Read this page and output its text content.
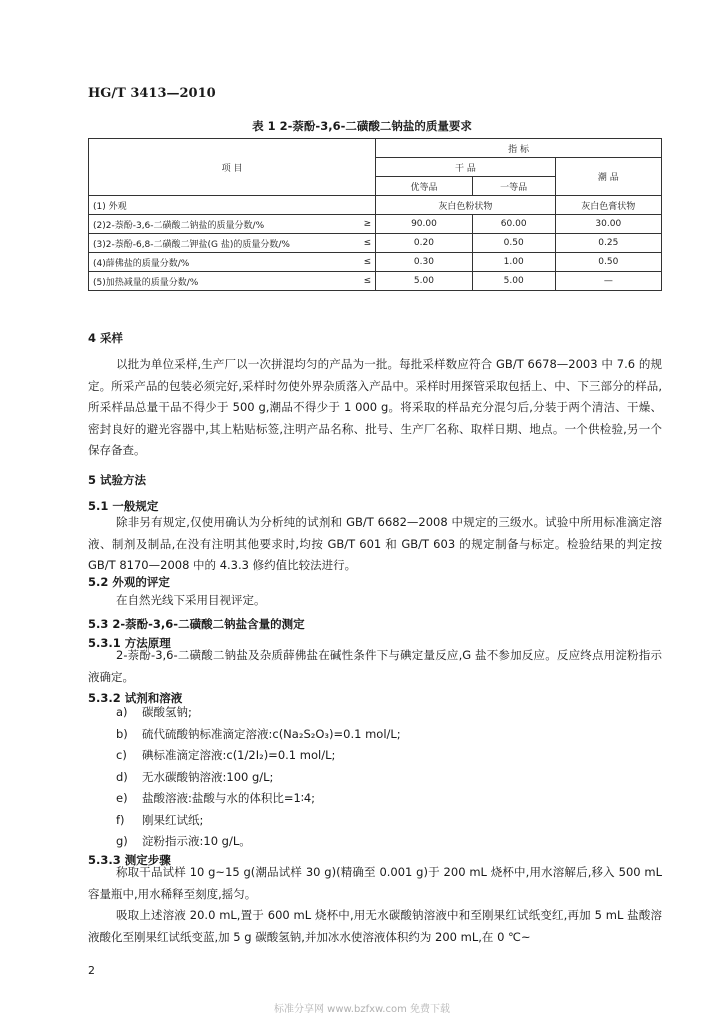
HG/T 3413—2010
表 1 2-萘酚-3,6-二磺酸二钠盐的质量要求
项 目		指 标		
		干 品		潮 品
		优等品	一等品	
(1) 外观		灰白色粉状物		灰白色膏状物
(2)2-萘酚-3,6-二磺酸二钠盐的质量分数/%	≥	90.00	60.00	30.00
(3)2-萘酚-6,8-二磺酸二钾盐(G 盐)的质量分数/%	≤	0.20	0.50	0.25
(4)薛佛盐的质量分数/%	≤	0.30	1.00	0.50
(5)加热减量的质量分数/%	≤	5.00	5.00	—
4 采样

以批为单位采样,生产厂以一次拼混均匀的产品为一批。每批采样数应符合 GB/T 6678—2003 中 7.6 的规定。所采产品的包装必须完好,采样时勿使外界杂质落入产品中。采样时用探管采取包括上、中、下三部分的样品,所采样品总量干品不得少于 500 g,潮品不得少于 1 000 g。将采取的样品充分混匀后,分装于两个清洁、干燥、密封良好的避光容器中,其上粘贴标签,注明产品名称、批号、生产厂名称、取样日期、地点。一个供检验,另一个保存备查。

5 试验方法
5.1 一般规定

除非另有规定,仅使用确认为分析纯的试剂和 GB/T 6682—2008 中规定的三级水。试验中所用标准滴定溶液、制剂及制品,在没有注明其他要求时,均按 GB/T 601 和 GB/T 603 的规定制备与标定。检验结果的判定按 GB/T 8170—2008 中的 4.3.3 修约值比较法进行。

5.2 外观的评定

在自然光线下采用目视评定。

5.3 2-萘酚-3,6-二磺酸二钠盐含量的测定
5.3.1 方法原理

2-萘酚-3,6-二磺酸二钠盐及杂质薛佛盐在碱性条件下与碘定量反应,G 盐不参加反应。反应终点用淀粉指示液确定。

5.3.2 试剂和溶液
a) 碳酸氢钠;
b) 硫代硫酸钠标准滴定溶液:c(Na₂S₂O₃)=0.1 mol/L;
c) 碘标准滴定溶液:c(1/2I₂)=0.1 mol/L;
d) 无水碳酸钠溶液:100 g/L;
e) 盐酸溶液:盐酸与水的体积比=1∶4;
f) 刚果红试纸;
g) 淀粉指示液:10 g/L。
5.3.3 测定步骤

称取干品试样 10 g~15 g(潮品试样 30 g)(精确至 0.001 g)于 200 mL 烧杯中,用水溶解后,移入 500 mL 容量瓶中,用水稀释至刻度,摇匀。

吸取上述溶液 20.0 mL,置于 600 mL 烧杯中,用无水碳酸钠溶液中和至刚果红试纸变红,再加 5 mL 盐酸溶液酸化至刚果红试纸变蓝,加 5 g 碳酸氢钠,并加冰水使溶液体积约为 200 mL,在 0 ℃~

2
标准分享网 www.bzfxw.com 免费下载
